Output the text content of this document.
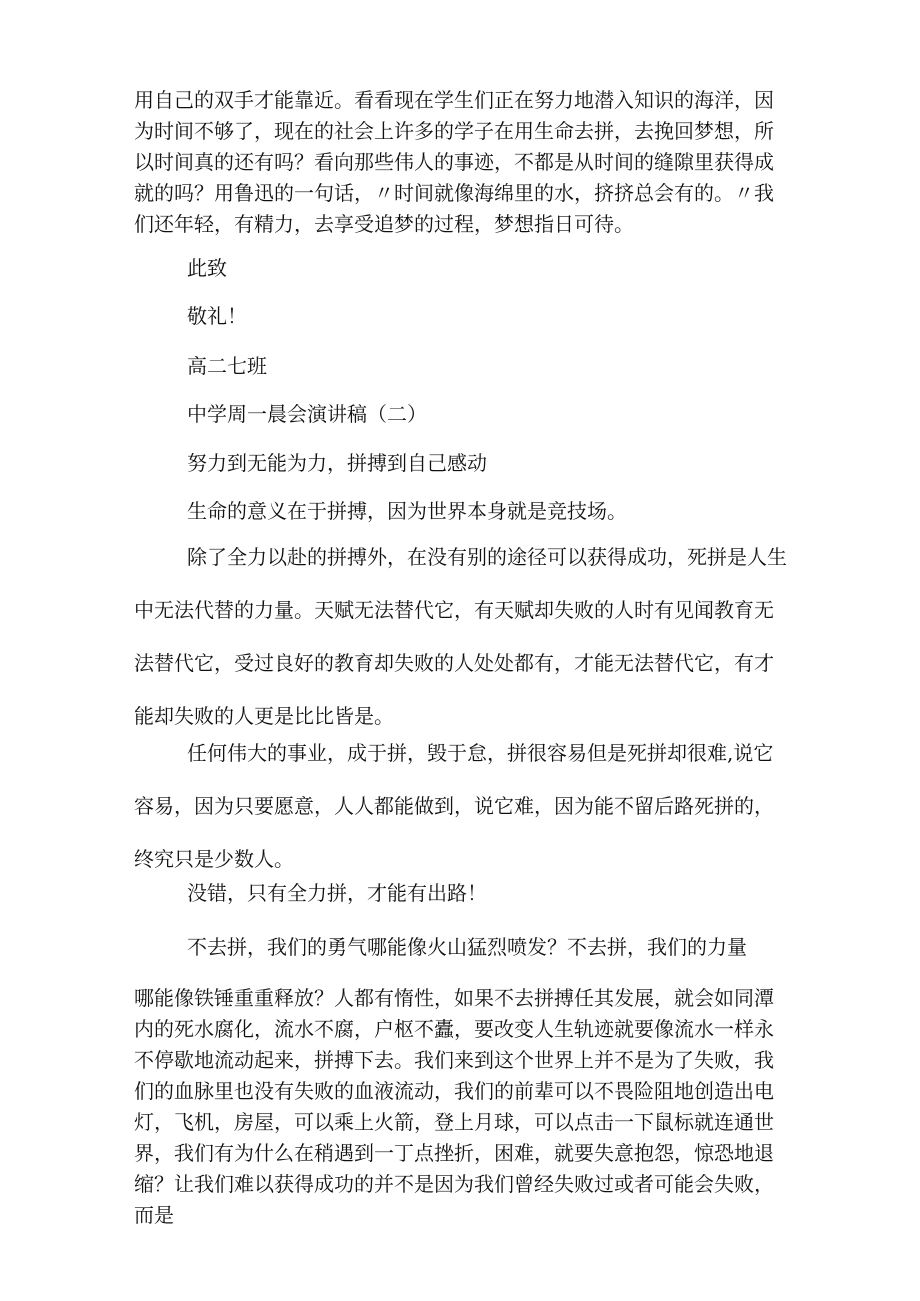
用自己的双手才能靠近。看看现在学生们正在努力地潜入知识的海洋，因为时间不够了，现在的社会上许多的学子在用生命去拼，去挽回梦想，所以时间真的还有吗？看向那些伟人的事迹，不都是从时间的缝隙里获得成就的吗？用鲁迅的一句话，〃时间就像海绵里的水，挤挤总会有的。〃我们还年轻，有精力，去享受追梦的过程，梦想指日可待。

此致

敬礼！

高二七班

中学周一晨会演讲稿（二）

努力到无能为力，拼搏到自己感动

生命的意义在于拼搏，因为世界本身就是竞技场。

除了全力以赴的拼搏外，在没有别的途径可以获得成功，死拼是人生中无法代替的力量。天赋无法替代它，有天赋却失败的人时有见闻教育无法替代它，受过良好的教育却失败的人处处都有，才能无法替代它，有才能却失败的人更是比比皆是。

任何伟大的事业，成于拼，毁于怠，拼很容易但是死拼却很难,说它容易，因为只要愿意，人人都能做到，说它难，因为能不留后路死拼的，终究只是少数人。

没错，只有全力拼，才能有出路！

不去拼，我们的勇气哪能像火山猛烈喷发？不去拼，我们的力量

哪能像铁锤重重释放？人都有惰性，如果不去拼搏任其发展，就会如同潭内的死水腐化，流水不腐，户枢不蠹，要改变人生轨迹就要像流水一样永不停歇地流动起来，拼搏下去。我们来到这个世界上并不是为了失败，我们的血脉里也没有失败的血液流动，我们的前辈可以不畏险阻地创造出电灯，飞机，房屋，可以乘上火箭，登上月球，可以点击一下鼠标就连通世界，我们有为什么在稍遇到一丁点挫折，困难，就要失意抱怨，惊恐地退缩？让我们难以获得成功的并不是因为我们曾经失败过或者可能会失败，而是
